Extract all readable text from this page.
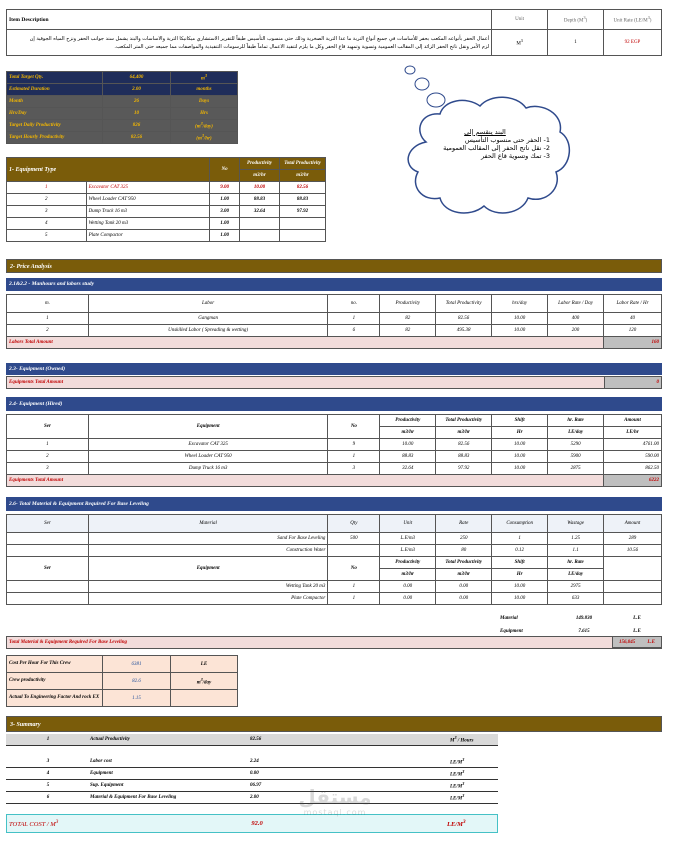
Item Description	Unit	Depth $(M^3)$	Unit Rate $(LE/M^3)$

أعمال الحفر بأنواعه المكعب بحفر للأساسات في جميع أنواع التربة ما عدا التربة الصخرية وذلك حتى منسوب التأسيس طبقاً للتقرير الاستشاري ميكانيكا التربة والاساسات والبند يشمل سند جوانب الحفر ونزح المياه الجوفية إن
لزم الأمر ونقل ناتج الحفر الزائد إلى المقالب العمومية وتسوية وتمهيد قاع الحفر وكل ما يلزم لتنفيذ الاعمال تماماً طبقاً للرسومات التنفيذية والمواصفات مما جميعه حتى المتر المكعب.	$M^3$	1	92 EGP
Total Target Qty.	64,400	$m^3$
Estimated Duration	2.00	months
Month	26	Days
Hrs/Day	10	Hrs
Target Daily Productivity	826	$(m^3/day)$
Target Hourly Productivity	82.56	$(m^3/hr)$
1- Equipment Type		No	Productivity	Total Productivity
			m3/hr	m3/hr
1	Excavator CAT 325	9.00	10.00	82.56
2	Wheel Loader CAT 950	1.00	88.83	88.83
3	Dump Truck 16 m3	3.00	32.64	97.92
4	Wetting Tank 20 m3	1.00		
5	Plate Compactor	1.00		
البند ينقسم إلى
1- الحفر حتى منسوب التأسيس
2- نقل ناتج الحفر إلى المقالب العمومية
3- تمك وتسوية قاع الحفر
2- Price Analysis
2.1&2.2 - Manhours and labors study
m.	Labor	no.	Productivity	Total Productivity	hrs/day	Labor Rate / Day	Labor Rate / Hr
1	Gangman	1	82	82.56	10.00	400	40
2	Unskilled Labor ( Spreading & wetting)	6	82	495.38	10.00	200	120
Labors Total Amount							160
2.3- Equipment (Owned)
Equipments Total Amount	0
2.4- Equipment (Hired)
Ser	Equipment	No	Productivity	Total Productivity	Shift	hr. Rate	Amount
			m3/hr	m3/hr	Hr	LE/day	LE/hr
1	Excavator CAT 325	9	10.00	82.56	10.00	5290	4761.00
2	Wheel Loader CAT 950	1	88.83	88.83	10.00	5900	590.00
3	Dump Truck 16 m3	3	32.64	97.92	10.00	2875	862.50
Equipments Total Amount							6222
2.6- Total Material & Equipment Required For Base Leveling
Ser	Material	Qty	Unit	Rate	Consumption	Wastage	Amount
	Sand For Base Leveling	500	L.E/m3	250	1	1.25	289
	Construction Water		L.E/m3	80	0.12	1.1	10.56
Ser	Equipment	No	Productivity	Total Productivity	Shift	hr. Rate	
			m3/hr	m3/hr	Hr	LE/day	
	Wetting Tank 20 m3	1	0.00	0.00	10.00	2975	
	Plate Compactor	1	0.00	0.00	10.00	633	
Material	149.830	L.E
Equipment	7.615	L.E
Total Material & Equipment Required For Base Leveling	156,045 L.E
Cost Per Hour For This Crew	6381	LE
Crew productivity	82.6	$m^3$/day
Actual To Engineering Factor And rock EX	1.15	
3- Summary
1	Actual Productivity	82.56	$M^3$ / Hours
3	Labor cost	2.24	$LE/M^3$
4	Equipment	0.00	$LE/M^3$
5	Sup. Equipment	06.97	$LE/M^3$
6	Material & Equipment For Base Leveling	2.00	$LE/M^3$
TOTAL COST / $M^3$	92.0	$LE/M^3$
مستقل
mostaql.com
